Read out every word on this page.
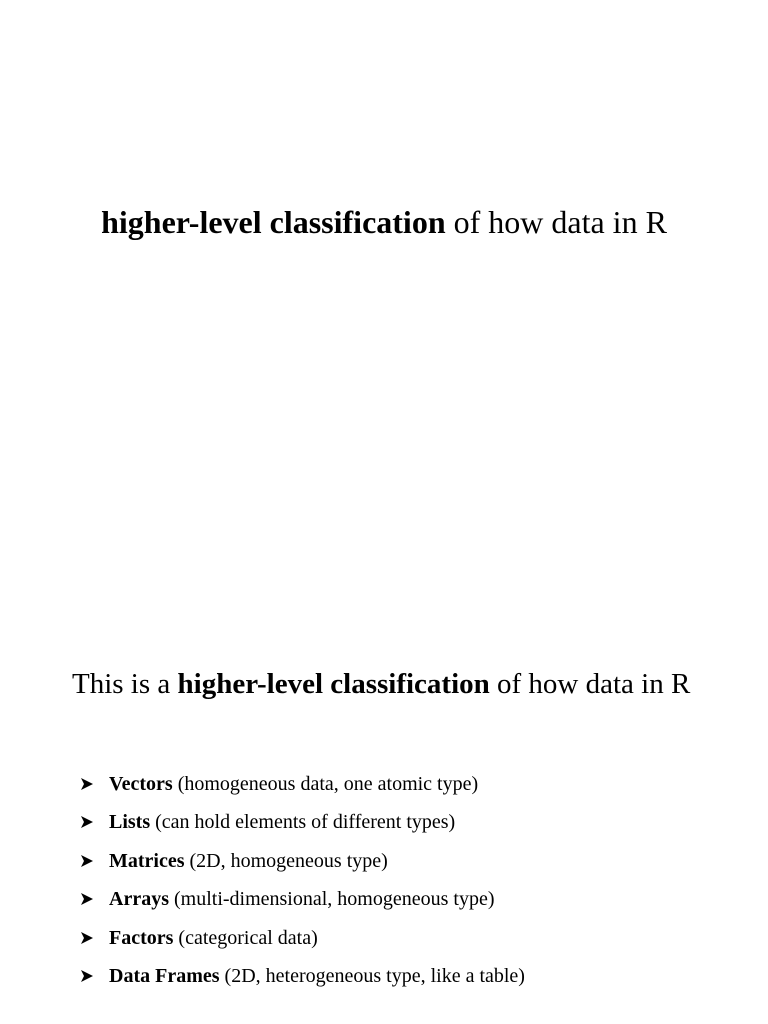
higher-level classification of how data in R
This is a higher-level classification of how data in R
Vectors (homogeneous data, one atomic type)
Lists (can hold elements of different types)
Matrices (2D, homogeneous type)
Arrays (multi-dimensional, homogeneous type)
Factors (categorical data)
Data Frames (2D, heterogeneous type, like a table)
